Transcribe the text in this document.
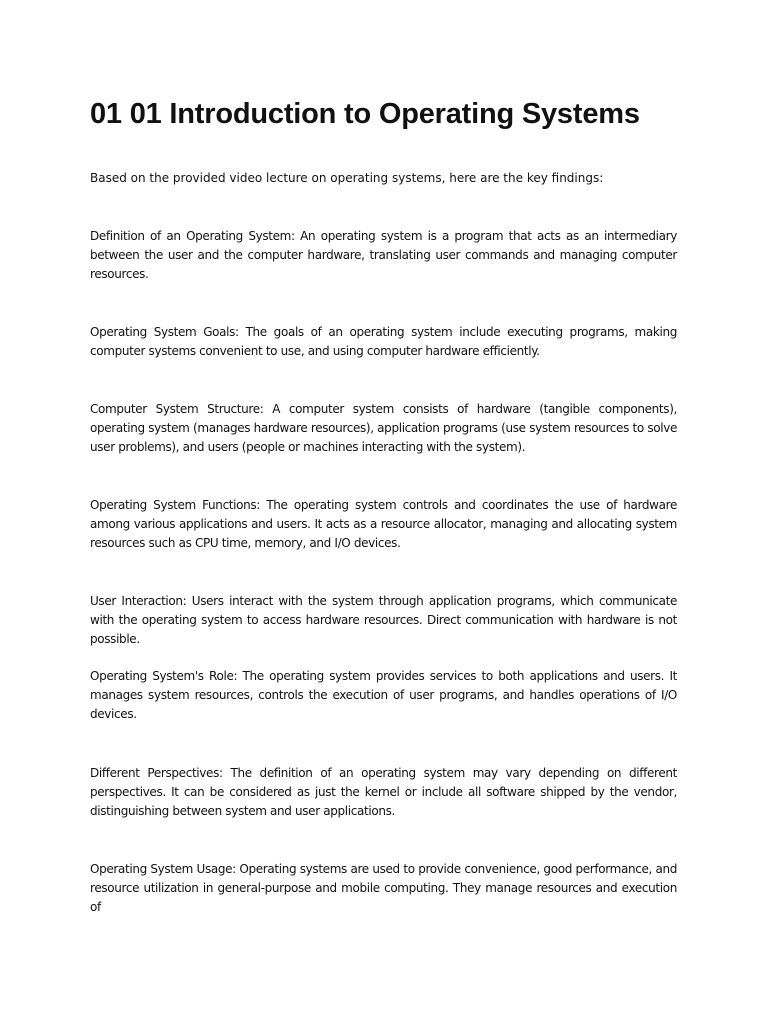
01 01 Introduction to Operating Systems

Based on the provided video lecture on operating systems, here are the key findings:

Definition of an Operating System: An operating system is a program that acts as an intermediary between the user and the computer hardware, translating user commands and managing computer resources.

Operating System Goals: The goals of an operating system include executing programs, making computer systems convenient to use, and using computer hardware efficiently.

Computer System Structure: A computer system consists of hardware (tangible components), operating system (manages hardware resources), application programs (use system resources to solve user problems), and users (people or machines interacting with the system).

Operating System Functions: The operating system controls and coordinates the use of hardware among various applications and users. It acts as a resource allocator, managing and allocating system resources such as CPU time, memory, and I/O devices.

User Interaction: Users interact with the system through application programs, which communicate with the operating system to access hardware resources. Direct communication with hardware is not possible.

Operating System's Role: The operating system provides services to both applications and users. It manages system resources, controls the execution of user programs, and handles operations of I/O devices.

Different Perspectives: The definition of an operating system may vary depending on different perspectives. It can be considered as just the kernel or include all software shipped by the vendor, distinguishing between system and user applications.

Operating System Usage: Operating systems are used to provide convenience, good performance, and resource utilization in general-purpose and mobile computing. They manage resources and execution of
